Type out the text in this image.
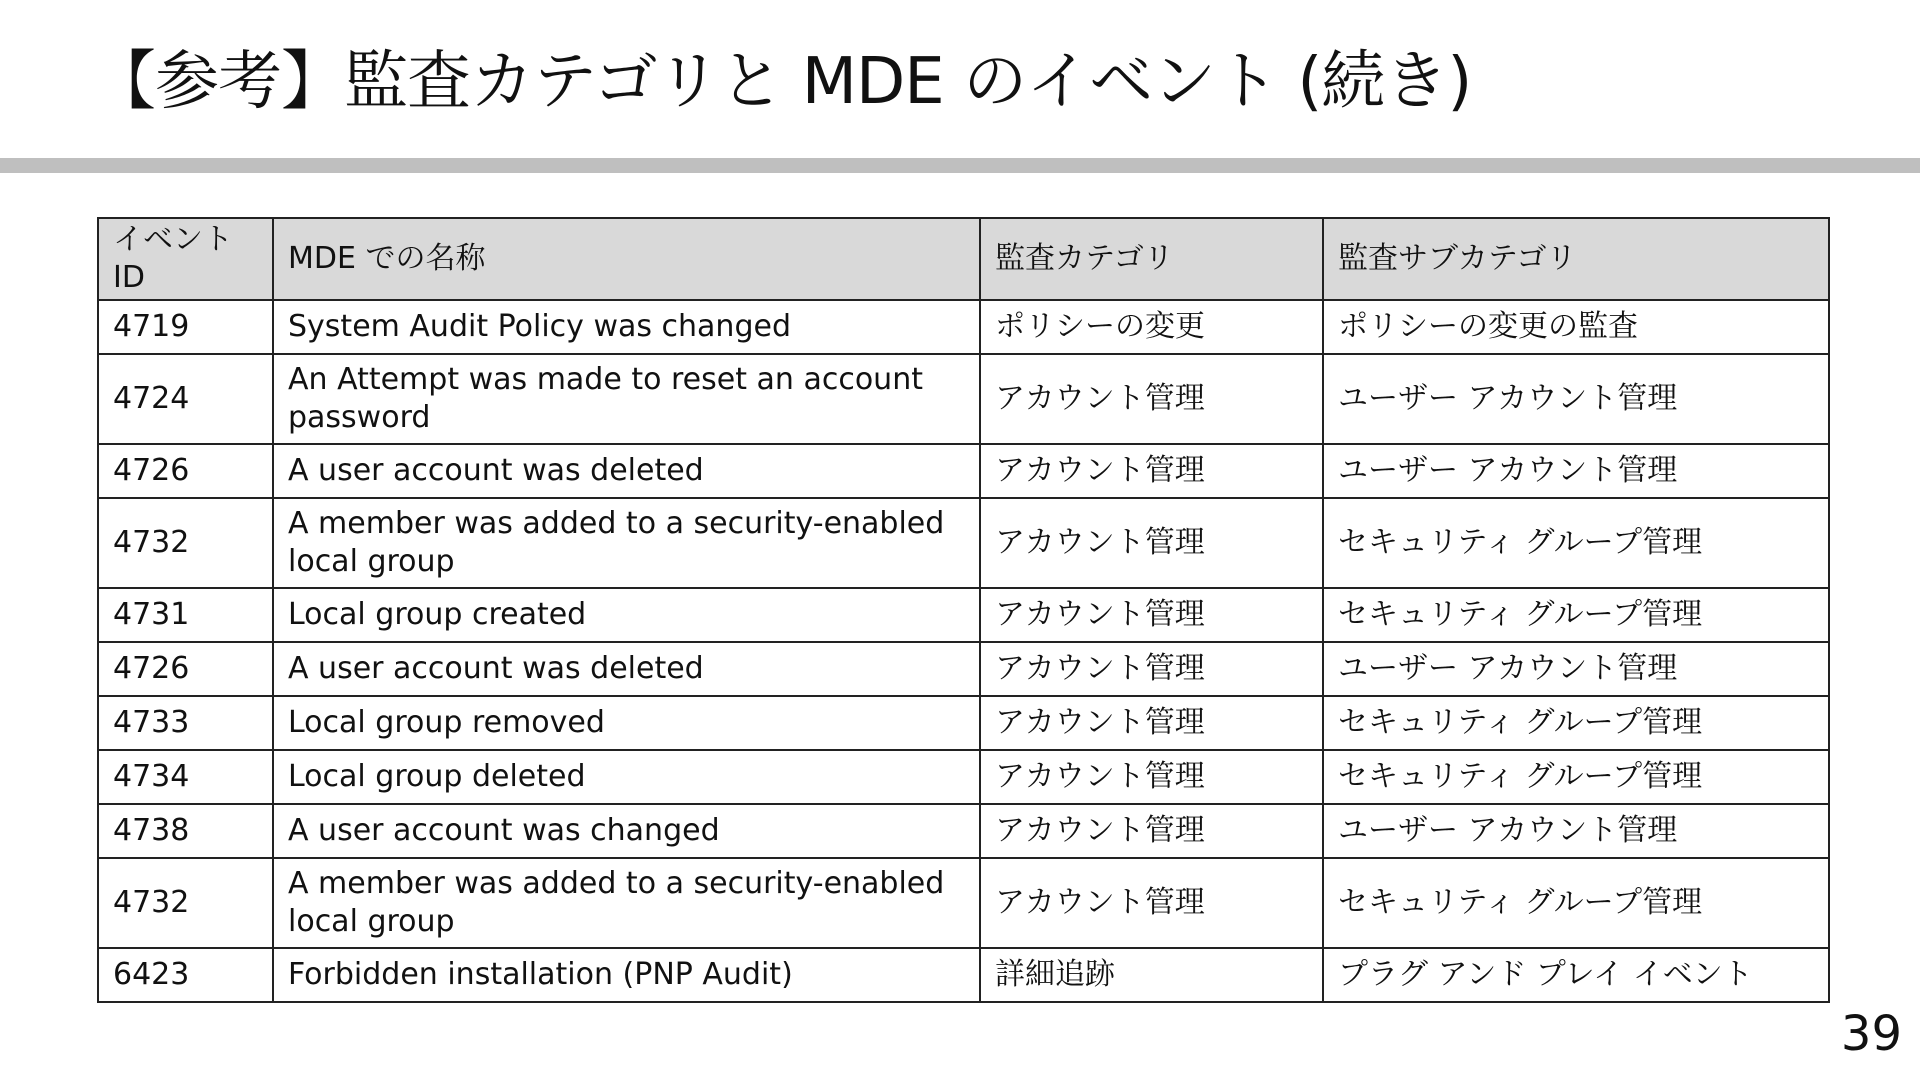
【参考】監査カテゴリと MDE のイベント (続き)
イベント ID	MDE での名称	監査カテゴリ	監査サブカテゴリ
4719	System Audit Policy was changed	ポリシーの変更	ポリシーの変更の監査
4724	An Attempt was made to reset an account password	アカウント管理	ユーザー アカウント管理
4726	A user account was deleted	アカウント管理	ユーザー アカウント管理
4732	A member was added to a security-enabled local group	アカウント管理	セキュリティ グループ管理
4731	Local group created	アカウント管理	セキュリティ グループ管理
4726	A user account was deleted	アカウント管理	ユーザー アカウント管理
4733	Local group removed	アカウント管理	セキュリティ グループ管理
4734	Local group deleted	アカウント管理	セキュリティ グループ管理
4738	A user account was changed	アカウント管理	ユーザー アカウント管理
4732	A member was added to a security-enabled local group	アカウント管理	セキュリティ グループ管理
6423	Forbidden installation (PNP Audit)	詳細追跡	プラグ アンド プレイ イベント
39
